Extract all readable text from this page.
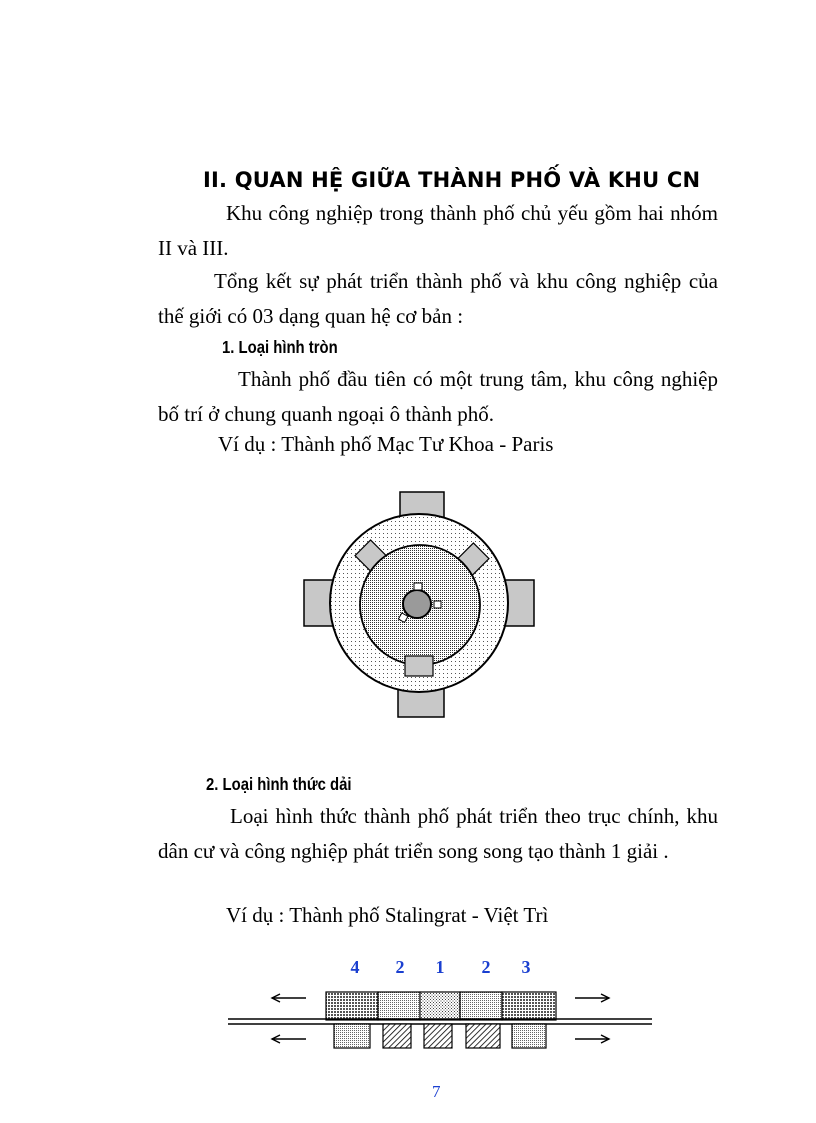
II. QUAN HỆ GIỮA THÀNH PHỐ VÀ KHU CN
Khu công nghiệp trong thành phố chủ yếu gồm hai nhóm II và III.
Tổng kết sự phát triển thành phố và khu công nghiệp của thế giới có 03 dạng quan hệ cơ bản :
1. Loại hình tròn
Thành phố đầu tiên có một trung tâm, khu công nghiệp bố trí ở chung quanh ngoại ô thành phố.
Ví dụ : Thành phố Mạc Tư Khoa - Paris
2. Loại hình thức dải
Loại hình thức thành phố phát triển theo trục chính, khu dân cư và công nghiệp phát triển song song tạo thành 1 giải .
Ví dụ : Thành phố Stalingrat - Việt Trì
4	2	1	2	3
7
